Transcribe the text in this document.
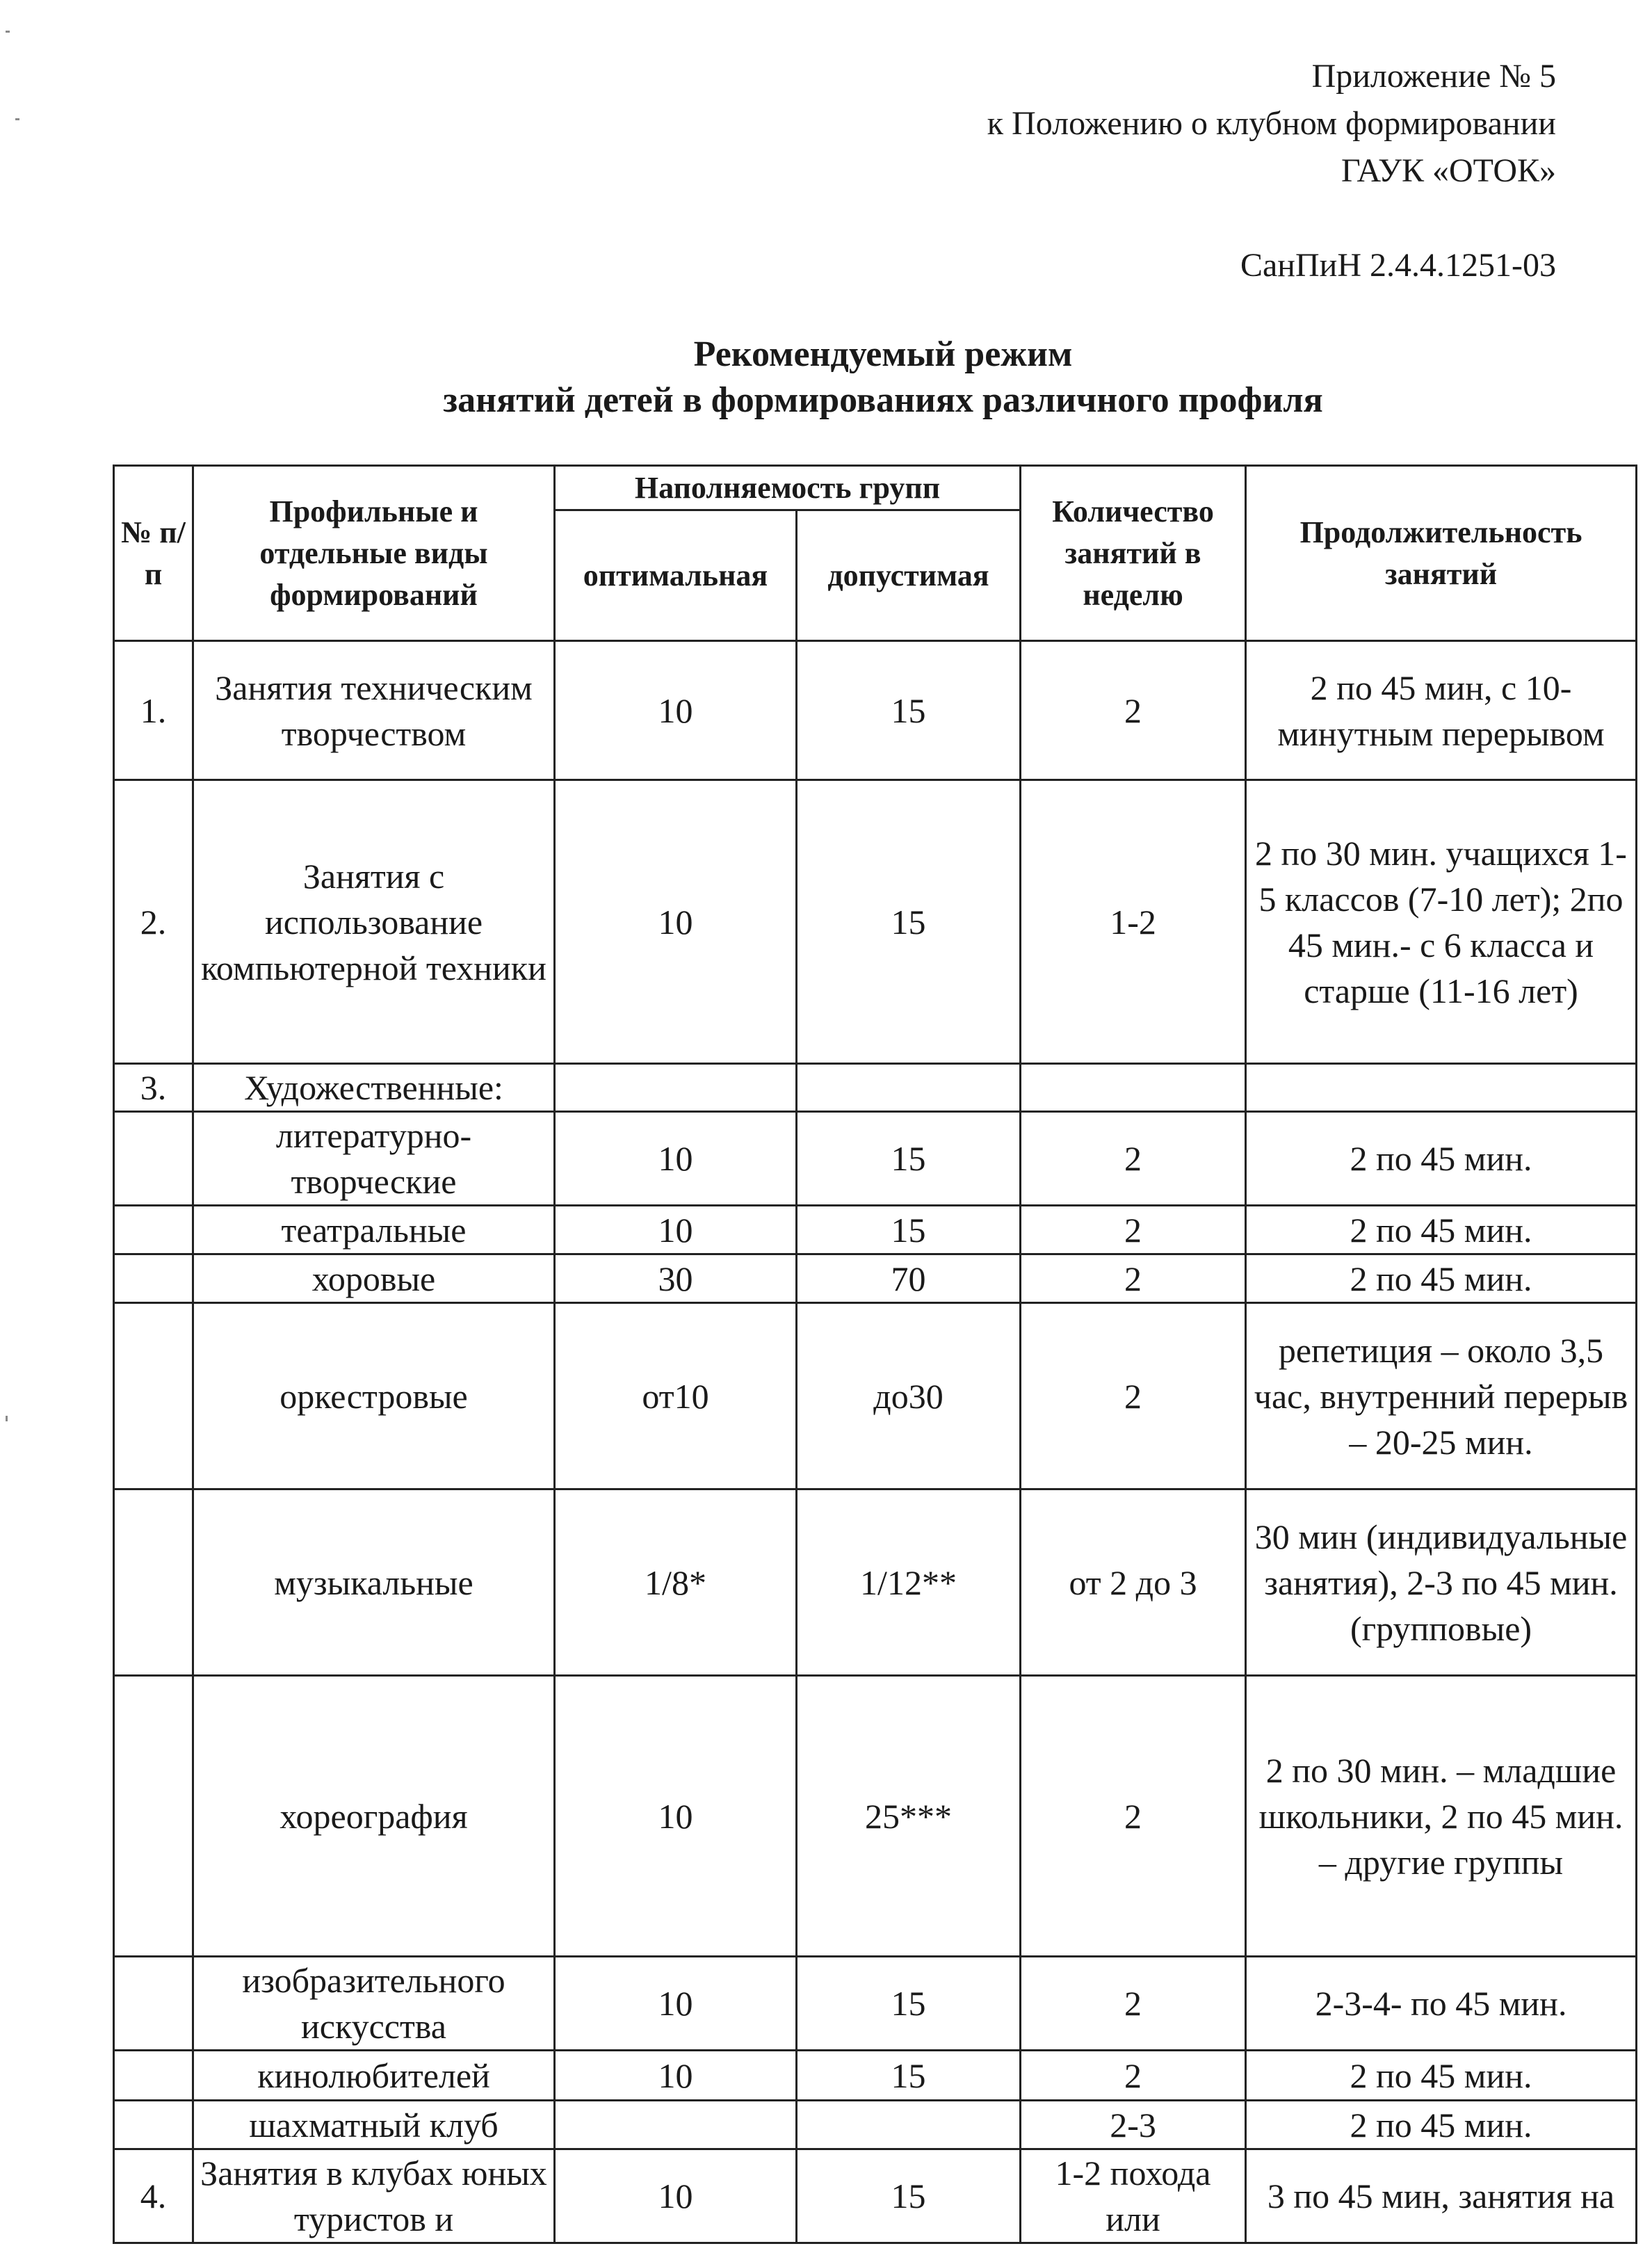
Приложение № 5
к Положению о клубном формировании
ГАУК «ОТОК»
СанПиН 2.4.4.1251-03
Рекомендуемый режим
занятий детей в формированиях различного профиля
№ п/п	Профильные и отдельные виды формирований	Наполняемость групп		Количество занятий в неделю	Продолжительность занятий
		оптимальная	допустимая		
1.	Занятия техническим творчеством	10	15	2	2 по 45 мин, с 10-минутным перерывом
2.	Занятия с использование компьютерной техники	10	15	1-2	2 по 30 мин. учащихся 1-5 классов (7-10 лет); 2по 45 мин.- с 6 класса и старше (11-16 лет)
3.	Художественные:				
	литературно-творческие	10	15	2	2 по 45 мин.
	театральные	10	15	2	2 по 45 мин.
	хоровые	30	70	2	2 по 45 мин.
	оркестровые	от10	до30	2	репетиция – около 3,5 час, внутренний перерыв – 20-25 мин.
	музыкальные	1/8*	1/12**	от 2 до 3	30 мин (индивидуальные занятия), 2-3 по 45 мин. (групповые)
	хореография	10	25***	2	2 по 30 мин. – младшие школьники, 2 по 45 мин. – другие группы
	изобразительного искусства	10	15	2	2-3-4- по 45 мин.
	кинолюбителей	10	15	2	2 по 45 мин.
	шахматный клуб			2-3	2 по 45 мин.
4.	Занятия в клубах юных туристов и	10	15	1-2 похода или	3 по 45 мин, занятия на
